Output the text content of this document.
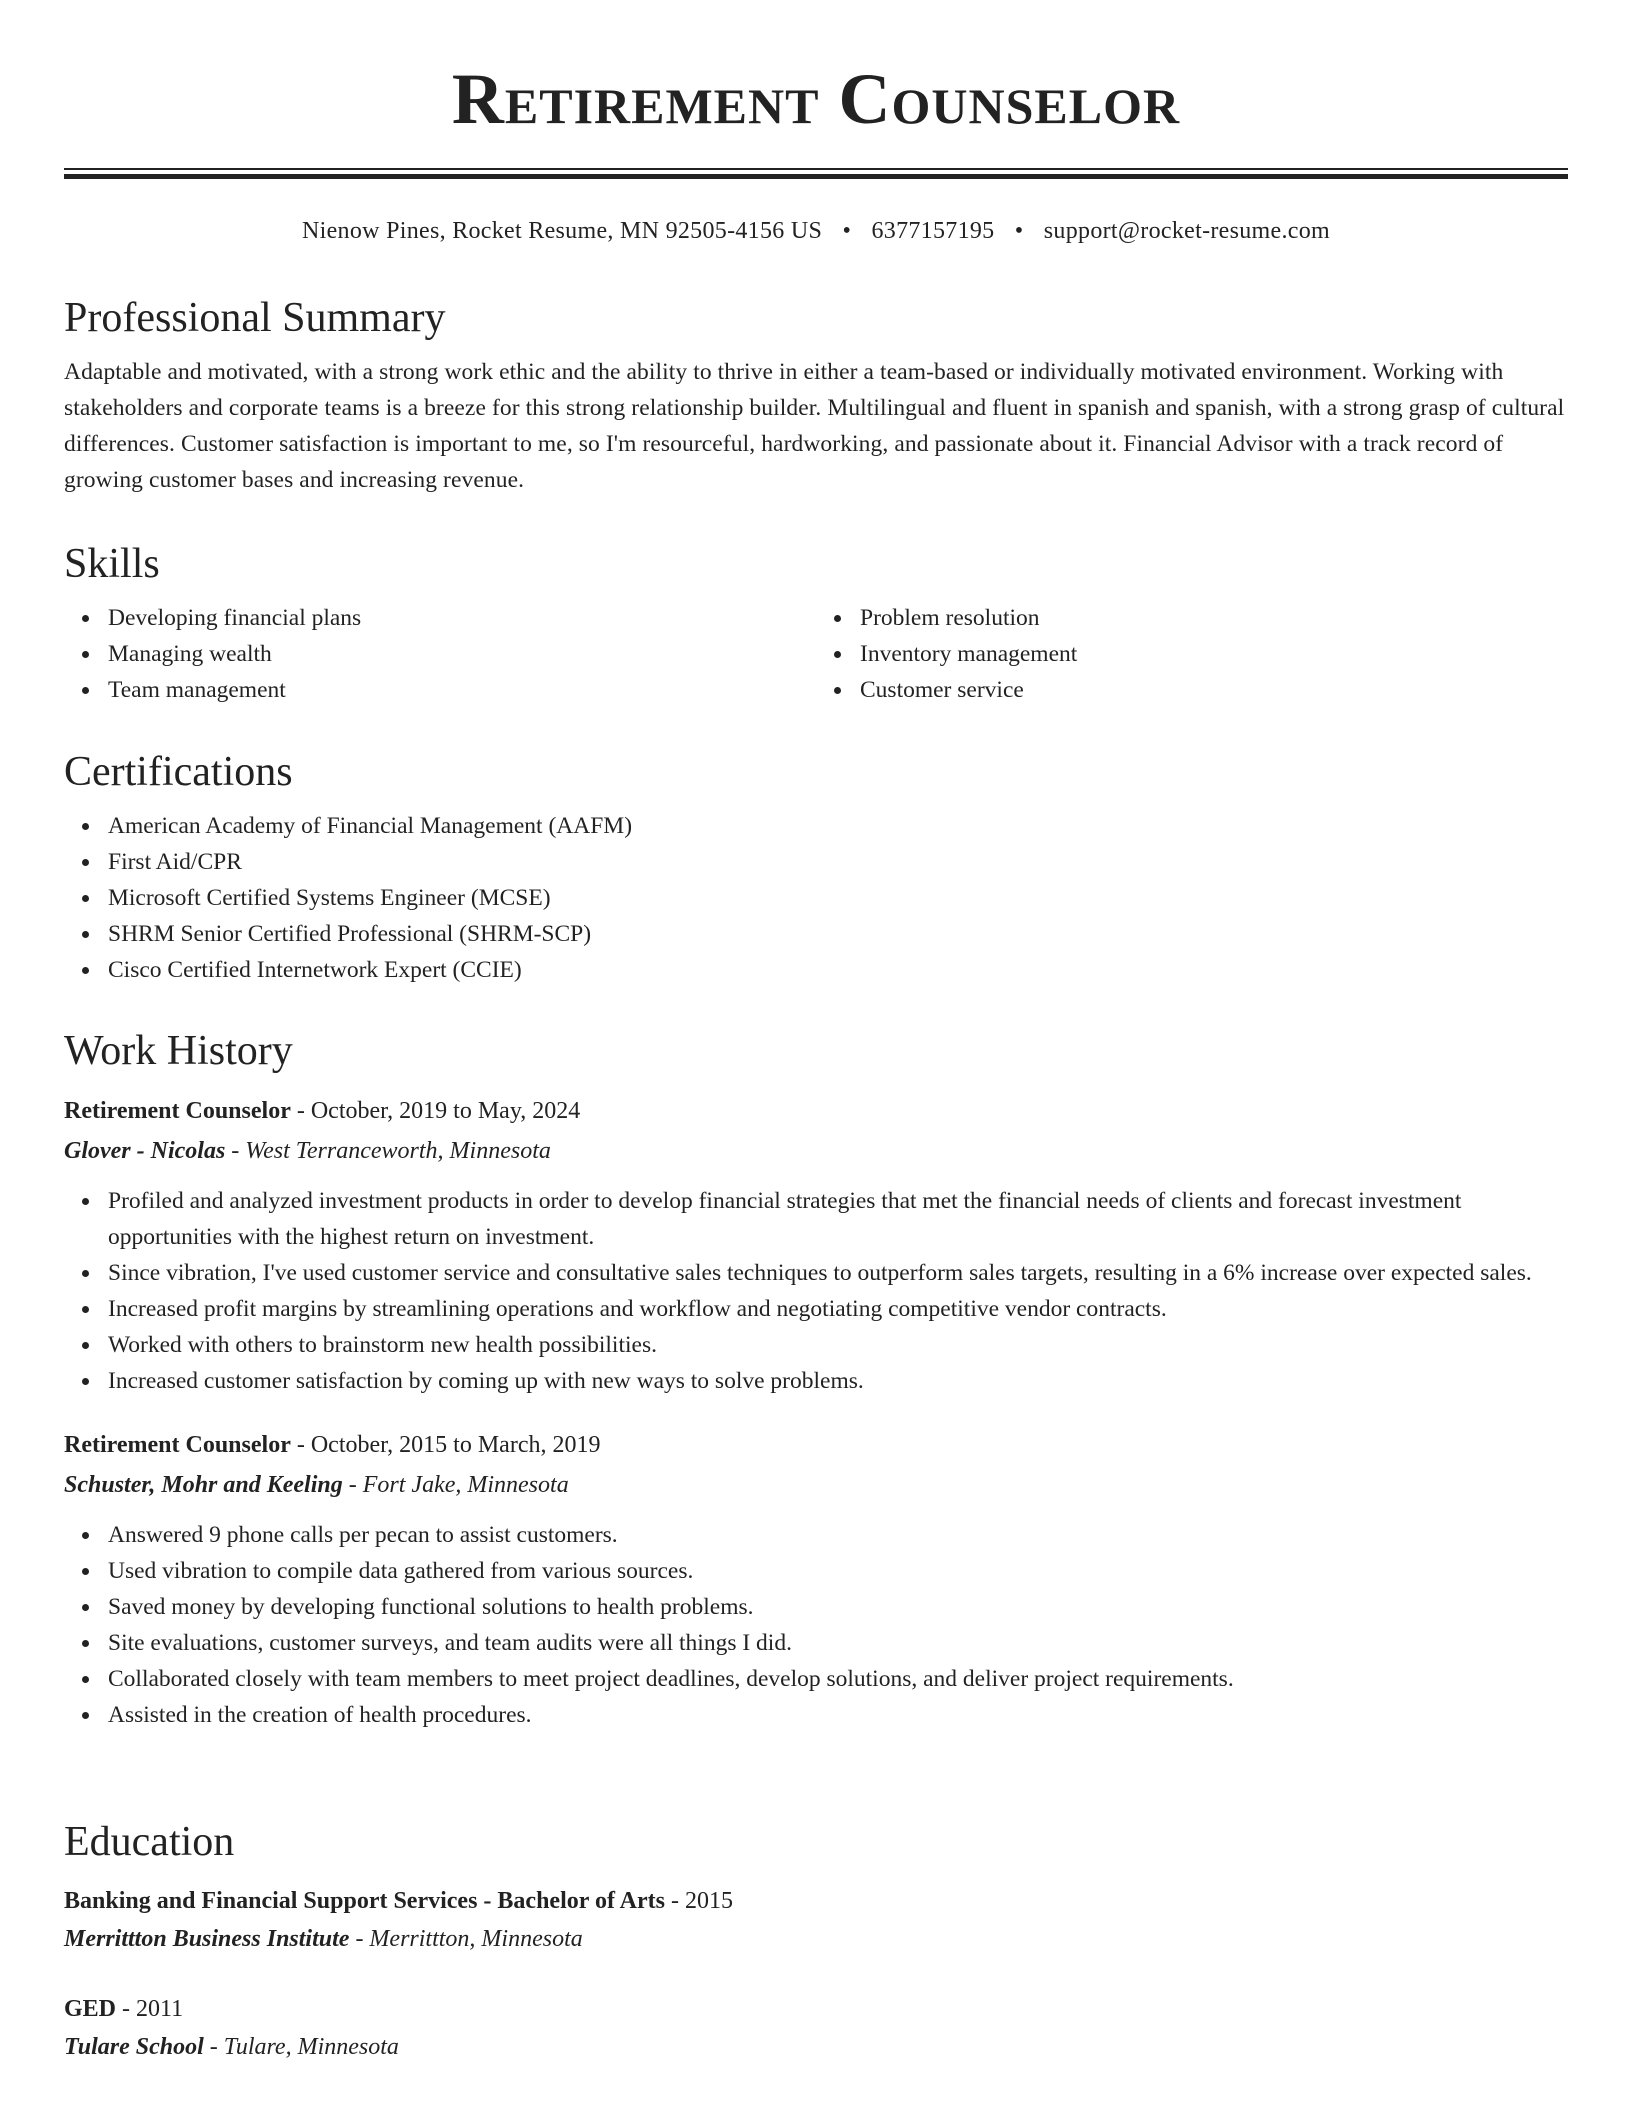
Retirement Counselor
Nienow Pines, Rocket Resume, MN 92505-4156 US • 6377157195 • support@rocket-resume.com
Professional Summary

Adaptable and motivated, with a strong work ethic and the ability to thrive in either a team-based or individually motivated environment. Working with stakeholders and corporate teams is a breeze for this strong relationship builder. Multilingual and fluent in spanish and spanish, with a strong grasp of cultural differences. Customer satisfaction is important to me, so I'm resourceful, hardworking, and passionate about it. Financial Advisor with a track record of growing customer bases and increasing revenue.

Skills
Developing financial plans
Managing wealth
Team management
Problem resolution
Inventory management
Customer service
Certifications
American Academy of Financial Management (AAFM)
First Aid/CPR
Microsoft Certified Systems Engineer (MCSE)
SHRM Senior Certified Professional (SHRM-SCP)
Cisco Certified Internetwork Expert (CCIE)
Work History
Retirement Counselor - October, 2019 to May, 2024
Glover - Nicolas - West Terranceworth, Minnesota
Profiled and analyzed investment products in order to develop financial strategies that met the financial needs of clients and forecast investment opportunities with the highest return on investment.
Since vibration, I've used customer service and consultative sales techniques to outperform sales targets, resulting in a 6% increase over expected sales.
Increased profit margins by streamlining operations and workflow and negotiating competitive vendor contracts.
Worked with others to brainstorm new health possibilities.
Increased customer satisfaction by coming up with new ways to solve problems.
Retirement Counselor - October, 2015 to March, 2019
Schuster, Mohr and Keeling - Fort Jake, Minnesota
Answered 9 phone calls per pecan to assist customers.
Used vibration to compile data gathered from various sources.
Saved money by developing functional solutions to health problems.
Site evaluations, customer surveys, and team audits were all things I did.
Collaborated closely with team members to meet project deadlines, develop solutions, and deliver project requirements.
Assisted in the creation of health procedures.
Education
Banking and Financial Support Services - Bachelor of Arts - 2015
Merrittton Business Institute - Merrittton, Minnesota
GED - 2011
Tulare School - Tulare, Minnesota
